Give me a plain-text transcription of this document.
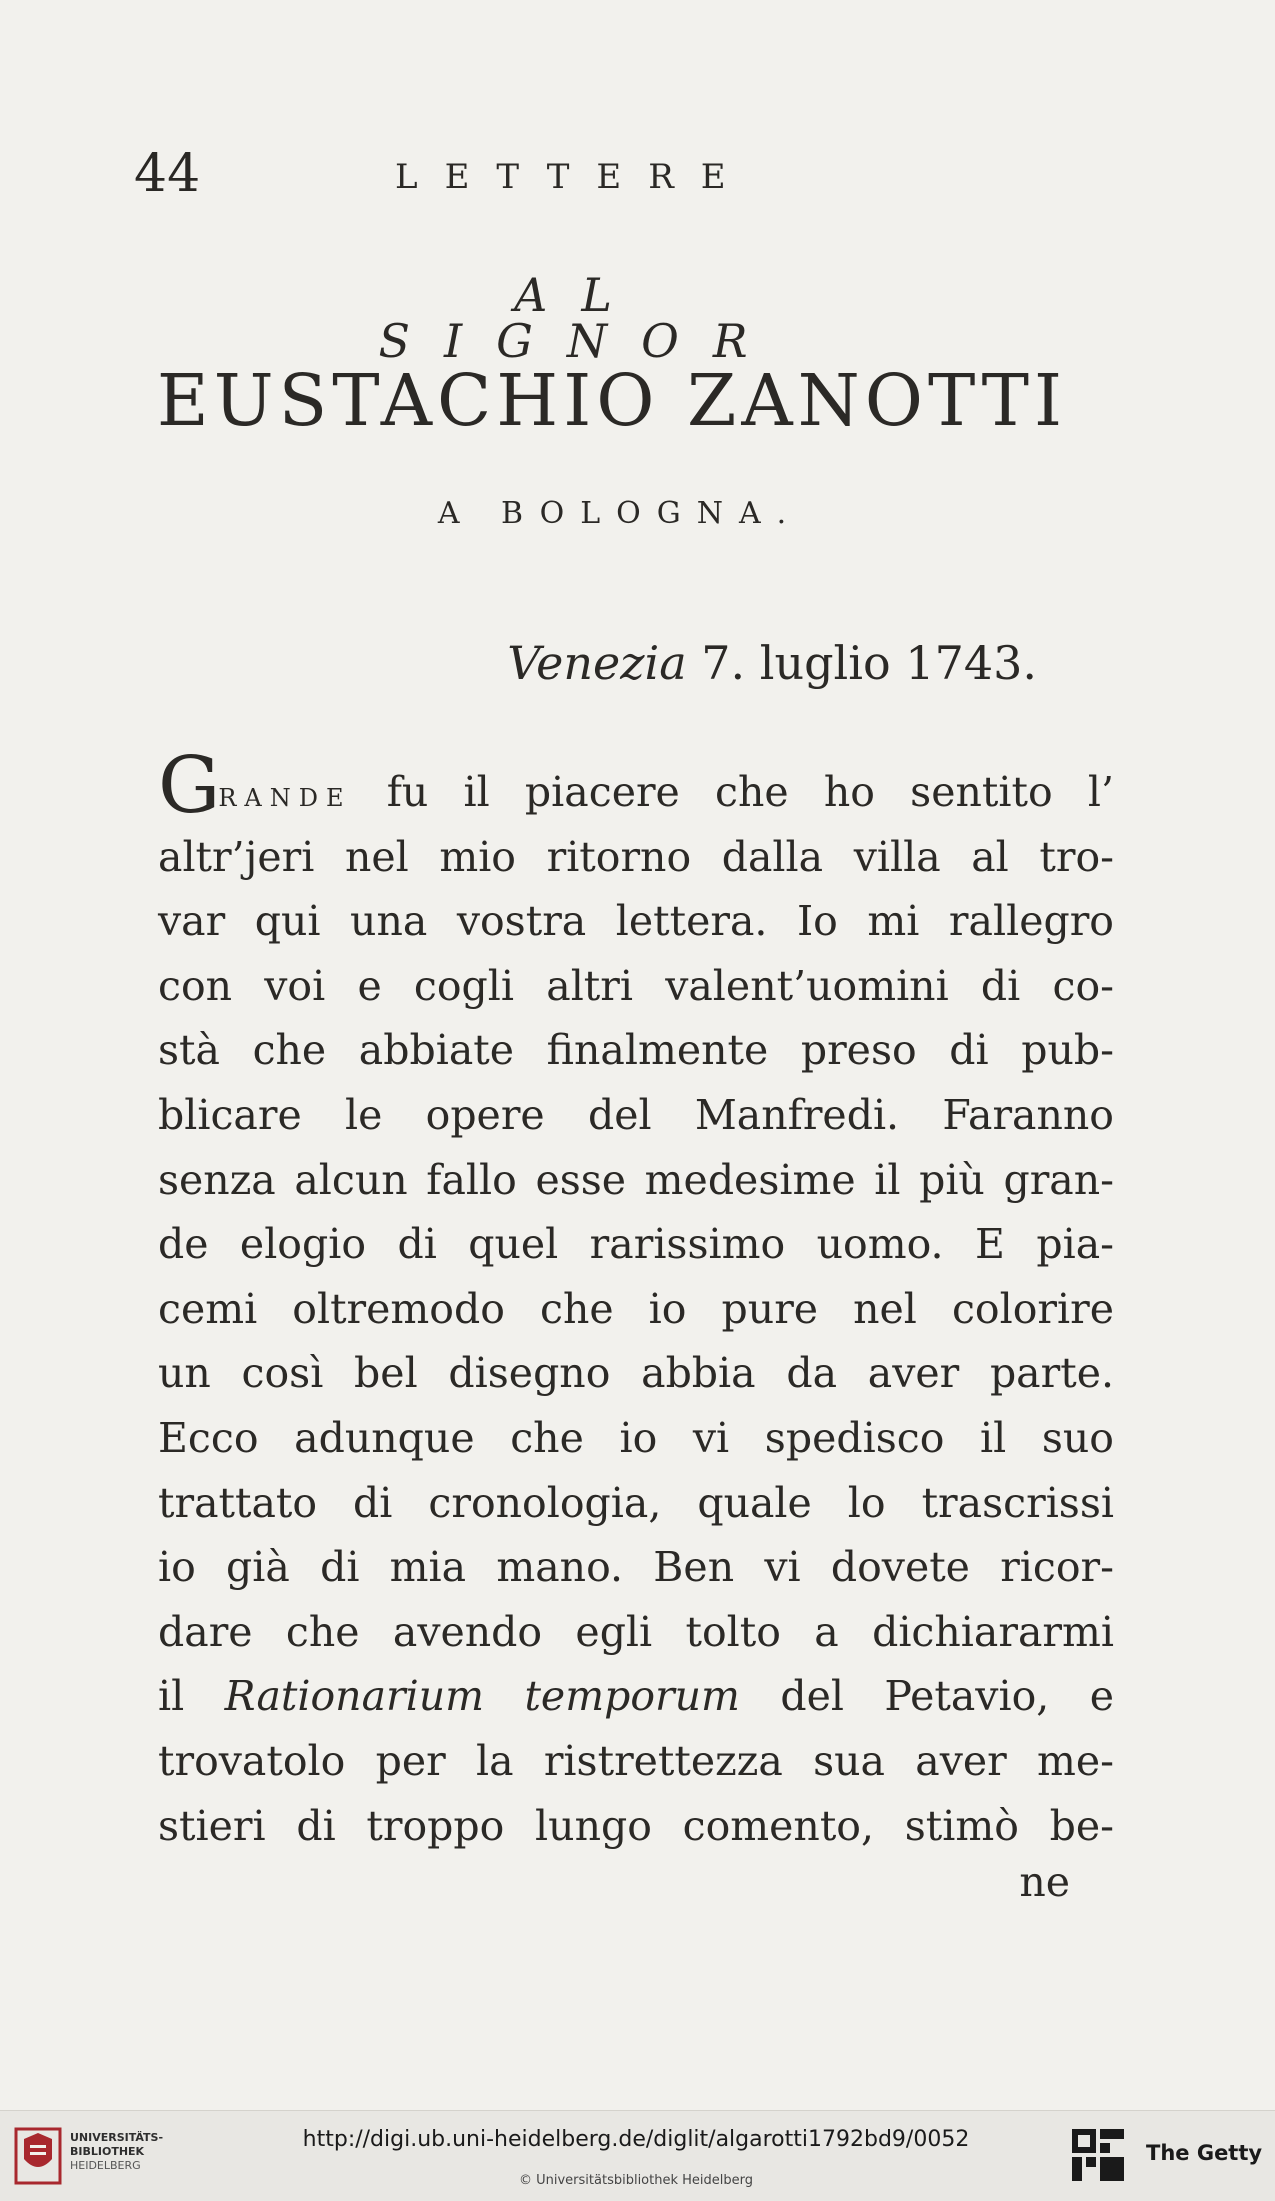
44	LETTERE
AL SIGNOR
EUSTACHIO ZANOTTI
A BOLOGNA.
Venezia 7. luglio 1743.
GRANDE fu il piacere che ho sentito l’
altr’jeri nel mio ritorno dalla villa al tro-
var qui una vostra lettera. Io mi rallegro
con voi e cogli altri valent’uomini di co-
stà che abbiate finalmente preso di pub-
blicare le opere del Manfredi. Faranno
senza alcun fallo esse medesime il più gran-
de elogio di quel rarissimo uomo. E pia-
cemi oltremodo che io pure nel colorire
un così bel disegno abbia da aver parte.
Ecco adunque che io vi spedisco il suo
trattato di cronologia, quale lo trascrissi
io già di mia mano. Ben vi dovete ricor-
dare che avendo egli tolto a dichiararmi
il Rationarium temporum del Petavio, e
trovatolo per la ristrettezza sua aver me-
stieri di troppo lungo comento, stimò be-
ne
UNIVERSITÄTS-
BIBLIOTHEK
HEIDELBERG
http://digi.ub.uni-heidelberg.de/diglit/algarotti1792bd9/0052
© Universitätsbibliothek Heidelberg
The Getty
